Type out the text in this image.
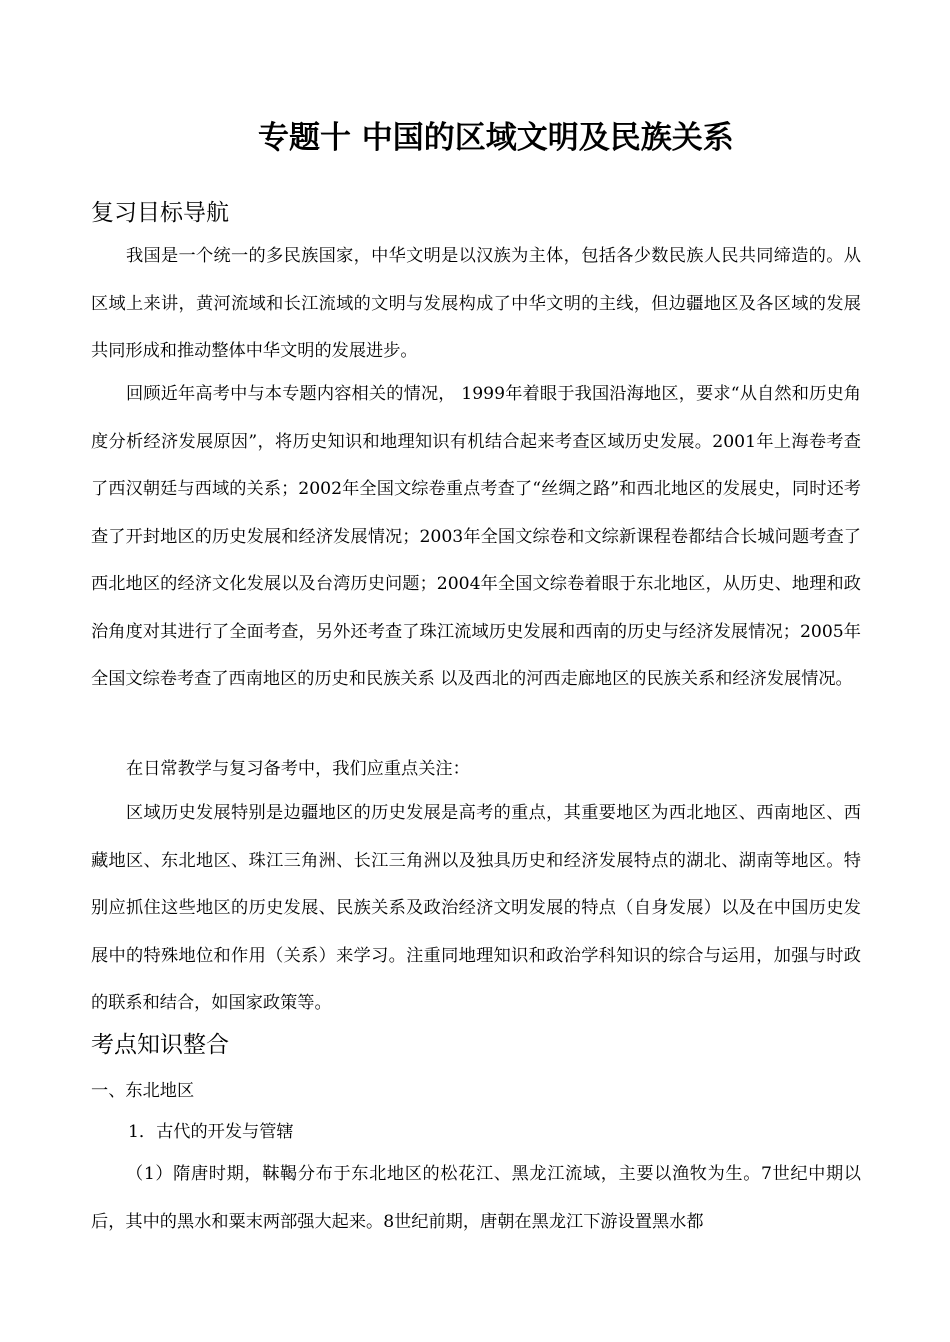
专题十 中国的区域文明及民族关系
复习目标导航

我国是一个统一的多民族国家，中华文明是以汉族为主体，包括各少数民族人民共同缔造的。从区域上来讲，黄河流域和长江流域的文明与发展构成了中华文明的主线，但边疆地区及各区域的发展共同形成和推动整体中华文明的发展进步。

回顾近年高考中与本专题内容相关的情况， 1999年着眼于我国沿海地区，要求“从自然和历史角度分析经济发展原因”，将历史知识和地理知识有机结合起来考查区域历史发展。2001年上海卷考查了西汉朝廷与西域的关系；2002年全国文综卷重点考查了“丝绸之路”和西北地区的发展史，同时还考查了开封地区的历史发展和经济发展情况；2003年全国文综卷和文综新课程卷都结合长城问题考查了西北地区的经济文化发展以及台湾历史问题；2004年全国文综卷着眼于东北地区，从历史、地理和政治角度对其进行了全面考查，另外还考查了珠江流域历史发展和西南的历史与经济发展情况；2005年全国文综卷考查了西南地区的历史和民族关系 以及西北的河西走廊地区的民族关系和经济发展情况。

在日常教学与复习备考中，我们应重点关注：

区域历史发展特别是边疆地区的历史发展是高考的重点，其重要地区为西北地区、西南地区、西藏地区、东北地区、珠江三角洲、长江三角洲以及独具历史和经济发展特点的湖北、湖南等地区。特别应抓住这些地区的历史发展、民族关系及政治经济文明发展的特点（自身发展）以及在中国历史发展中的特殊地位和作用（关系）来学习。注重同地理知识和政治学科知识的综合与运用，加强与时政的联系和结合，如国家政策等。

考点知识整合
一、东北地区
1．古代的开发与管辖

（1）隋唐时期，靺鞨分布于东北地区的松花江、黑龙江流域，主要以渔牧为生。7世纪中期以后，其中的黑水和粟末两部强大起来。8世纪前期，唐朝在黑龙江下游设置黑水都
